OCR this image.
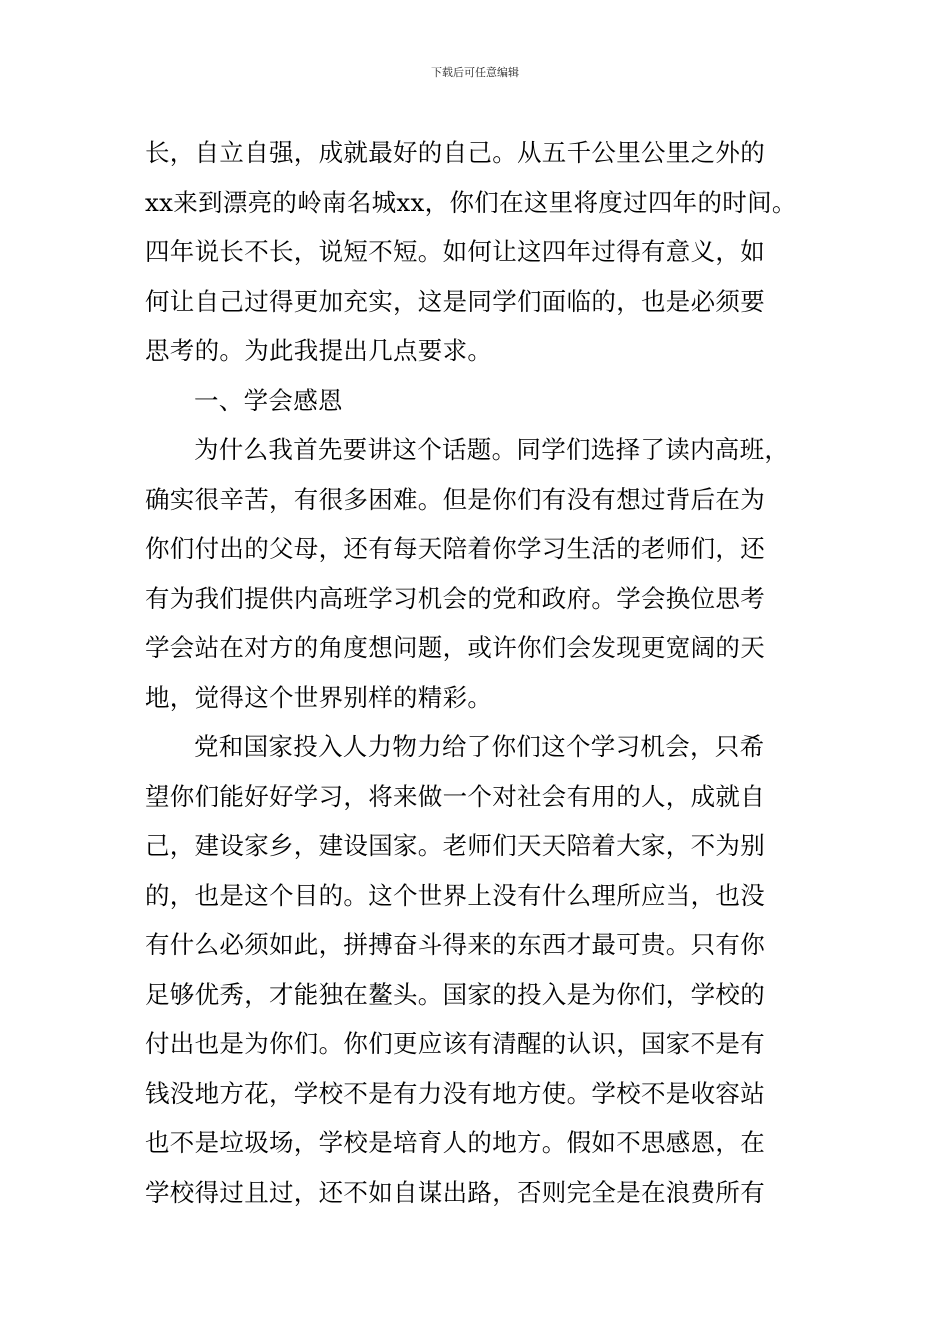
下载后可任意编辑
长，自立自强，成就最好的自己。从五千公里公里之外的
xx来到漂亮的岭南名城xx，你们在这里将度过四年的时间。
四年说长不长，说短不短。如何让这四年过得有意义，如
何让自己过得更加充实，这是同学们面临的，也是必须要
思考的。为此我提出几点要求。
一、学会感恩
为什么我首先要讲这个话题。同学们选择了读内高班，
确实很辛苦，有很多困难。但是你们有没有想过背后在为
你们付出的父母，还有每天陪着你学习生活的老师们，还
有为我们提供内高班学习机会的党和政府。学会换位思考
学会站在对方的角度想问题，或许你们会发现更宽阔的天
地，觉得这个世界别样的精彩。
党和国家投入人力物力给了你们这个学习机会，只希
望你们能好好学习，将来做一个对社会有用的人，成就自
己，建设家乡，建设国家。老师们天天陪着大家，不为别
的，也是这个目的。这个世界上没有什么理所应当，也没
有什么必须如此，拼搏奋斗得来的东西才最可贵。只有你
足够优秀，才能独在鳌头。国家的投入是为你们，学校的
付出也是为你们。你们更应该有清醒的认识，国家不是有
钱没地方花，学校不是有力没有地方使。学校不是收容站
也不是垃圾场，学校是培育人的地方。假如不思感恩，在
学校得过且过，还不如自谋出路，否则完全是在浪费所有
